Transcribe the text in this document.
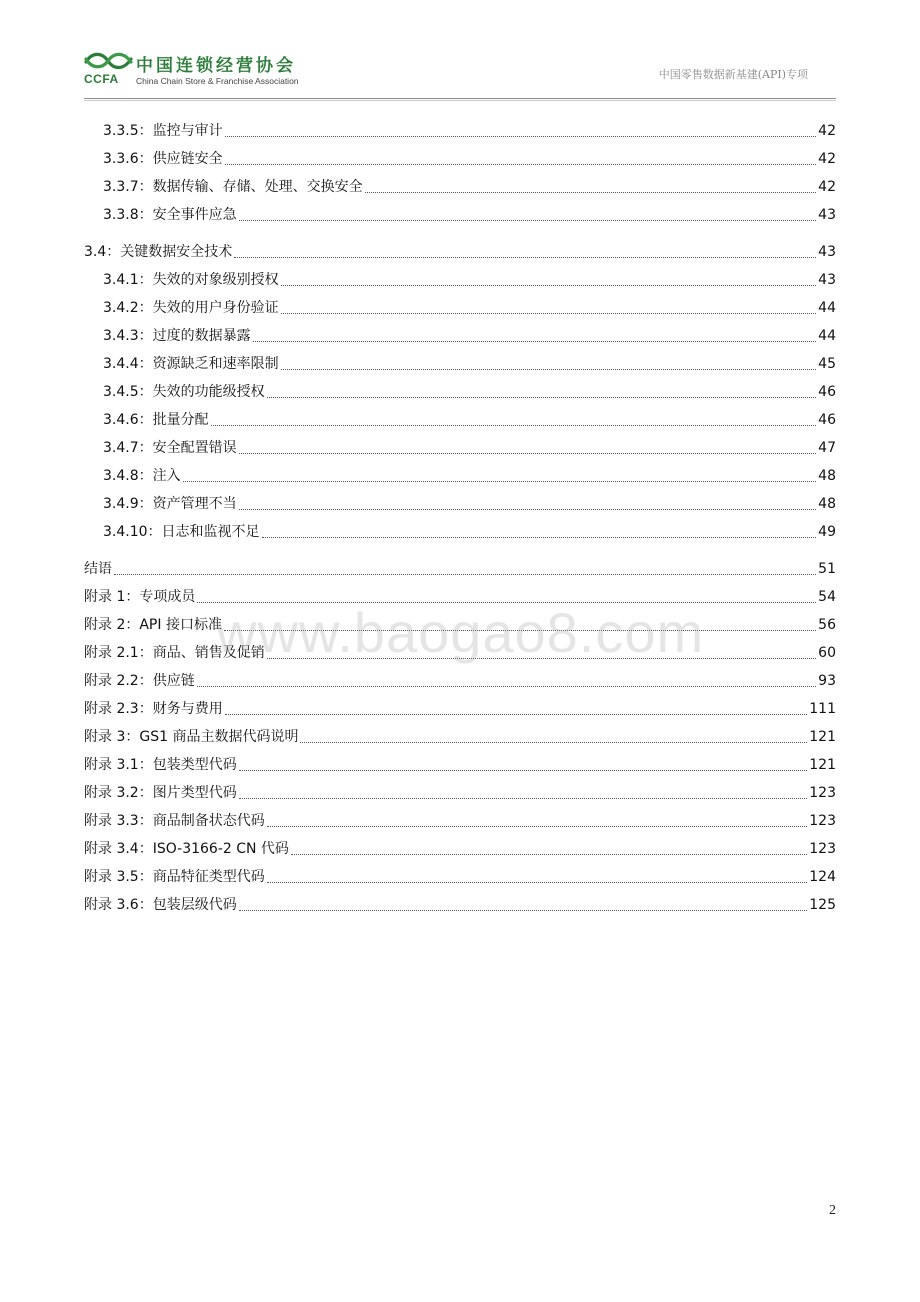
CCFA
中国连锁经营协会
China Chain Store & Franchise Association	中国零售数据新基建(API)专项
3.3.5：监控与审计	42
3.3.6：供应链安全	42
3.3.7：数据传输、存储、处理、交换安全	42
3.3.8：安全事件应急	43
3.4：关键数据安全技术	43
3.4.1：失效的对象级别授权	43
3.4.2：失效的用户身份验证	44
3.4.3：过度的数据暴露	44
3.4.4：资源缺乏和速率限制	45
3.4.5：失效的功能级授权	46
3.4.6：批量分配	46
3.4.7：安全配置错误	47
3.4.8：注入	48
3.4.9：资产管理不当	48
3.4.10：日志和监视不足	49
结语	51
附录 1：专项成员	54
附录 2：API 接口标准	56
附录 2.1：商品、销售及促销	60
附录 2.2：供应链	93
附录 2.3：财务与费用	111
附录 3：GS1 商品主数据代码说明	121
附录 3.1：包装类型代码	121
附录 3.2：图片类型代码	123
附录 3.3：商品制备状态代码	123
附录 3.4：ISO-3166-2 CN 代码	123
附录 3.5：商品特征类型代码	124
附录 3.6：包装层级代码	125
www.baogao8.com
2
